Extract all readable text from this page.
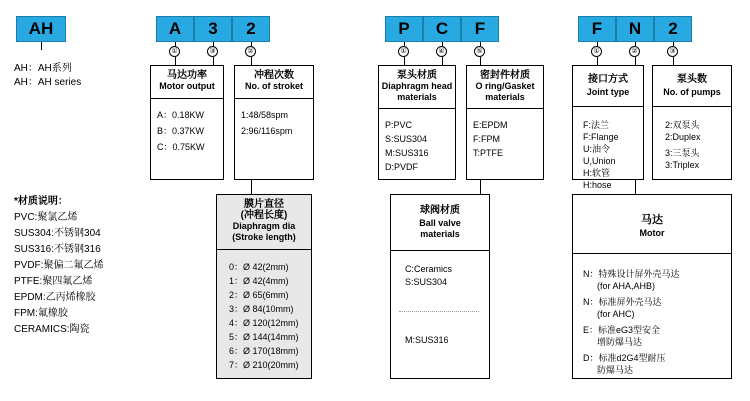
AH	A	3	2	P	C	F	F	N	2
①	③	②	①	④	⑤	①	②	③
AH：AH系列
AH：AH series
马达功率
Motor output
A：0.18KW
B：0.37KW
C：0.75KW
冲程次数
No. of stroket
1:48/58spm
2:96/116spm
膜片直径
(冲程长度)
Diaphragm dia
(Stroke length)
0：Ø 42(2mm)
1：Ø 42(4mm)
2：Ø 65(6mm)
3：Ø 84(10mm)
4：Ø 120(12mm)
5：Ø 144(14mm)
6：Ø 170(18mm)
7：Ø 210(20mm)
泵头材质
Diaphragm head
materials
P:PVC
S:SUS304
M:SUS316
D:PVDF
密封件材质
O ring/Gasket
materials
E:EPDM
F:FPM
T:PTFE
球阀材质
Ball valve
materials
C:Ceramics
S:SUS304
M:SUS316
接口方式
Joint type
F:法兰
F:Flange
U:油令
U,Union
H:软管
H:hose
泵头数
No. of pumps
2:双泵头
2:Duplex
3:三泵头
3:Triplex
马达
Motor
N：特殊设计屏外壳马达
(for AHA,AHB)
N：标准屏外壳马达
(for AHC)
E：标准eG3型安全
增防爆马达
D：标准d2G4型耐压
防爆马达
*材质说明：
PVC:聚氯乙烯
SUS304:不锈钢304
SUS316:不锈钢316
PVDF:聚偏二氟乙烯
PTFE:聚四氟乙烯
EPDM:乙丙烯橡胶
FPM:氟橡胶
CERAMICS:陶瓷
